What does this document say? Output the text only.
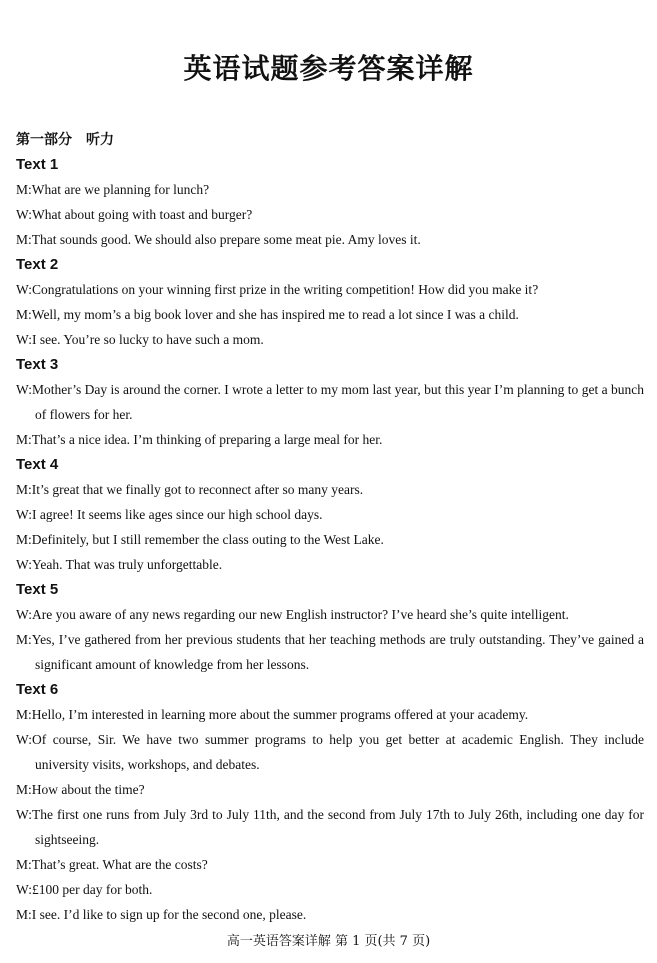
英语试题参考答案详解
第一部分　听力
Text 1
M:What are we planning for lunch?
W:What about going with toast and burger?
M:That sounds good. We should also prepare some meat pie. Amy loves it.
Text 2
W:Congratulations on your winning first prize in the writing competition! How did you make it?
M:Well, my mom’s a big book lover and she has inspired me to read a lot since I was a child.
W:I see. You’re so lucky to have such a mom.
Text 3
W:Mother’s Day is around the corner. I wrote a letter to my mom last year, but this year I’m planning to get a bunch of flowers for her.
M:That’s a nice idea. I’m thinking of preparing a large meal for her.
Text 4
M:It’s great that we finally got to reconnect after so many years.
W:I agree! It seems like ages since our high school days.
M:Definitely, but I still remember the class outing to the West Lake.
W:Yeah. That was truly unforgettable.
Text 5
W:Are you aware of any news regarding our new English instructor? I’ve heard she’s quite intelligent.
M:Yes, I’ve gathered from her previous students that her teaching methods are truly outstanding. They’ve gained a significant amount of knowledge from her lessons.
Text 6
M:Hello, I’m interested in learning more about the summer programs offered at your academy.
W:Of course, Sir. We have two summer programs to help you get better at academic English. They include university visits, workshops, and debates.
M:How about the time?
W:The first one runs from July 3rd to July 11th, and the second from July 17th to July 26th, including one day for sightseeing.
M:That’s great. What are the costs?
W:£100 per day for both.
M:I see. I’d like to sign up for the second one, please.
高一英语答案详解 第 1 页(共 7 页)
